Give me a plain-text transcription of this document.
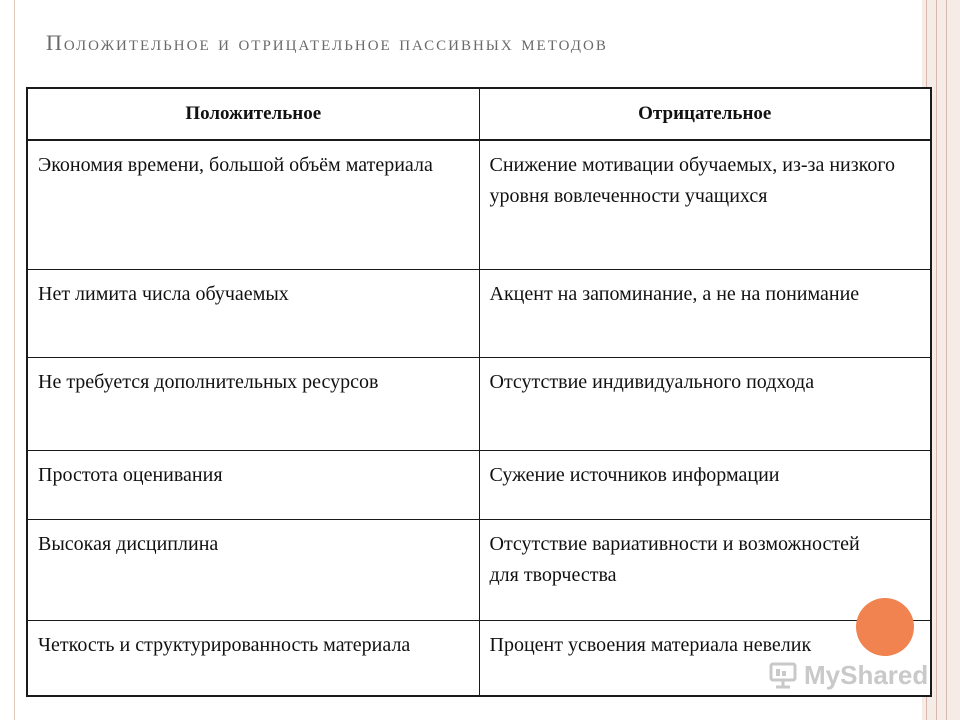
Положительное и отрицательное пассивных методов
Положительное	Отрицательное
Экономия времени, большой объём материала	Снижение мотивации обучаемых, из-за низкого уровня вовлеченности учащихся
Нет лимита числа обучаемых	Акцент на запоминание, а не на понимание
Не требуется дополнительных ресурсов	Отсутствие индивидуального подхода
Простота оценивания	Сужение источников информации
Высокая дисциплина	Отсутствие вариативности и возможностей          для творчества
Четкость и структурированность материала	Процент усвоения материала невелик
MyShared
